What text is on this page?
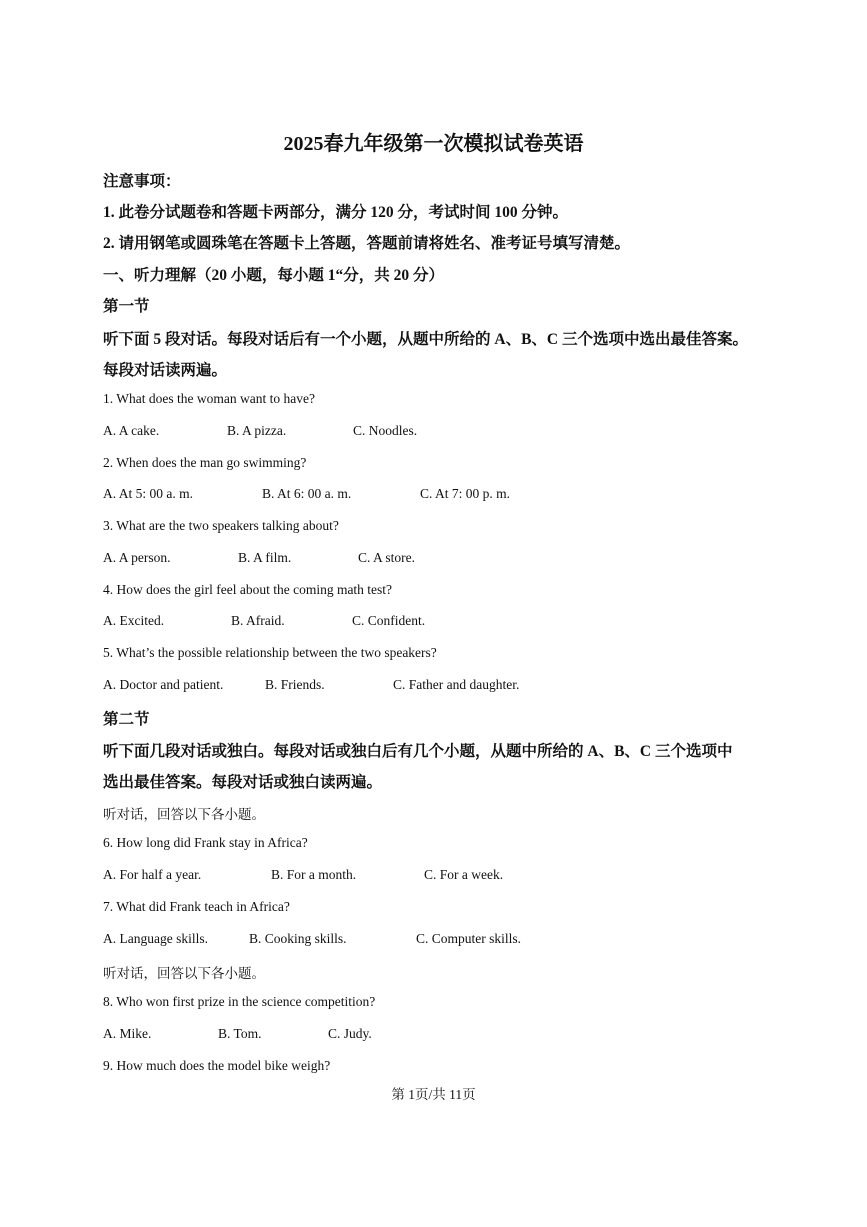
2025春九年级第一次模拟试卷英语
注意事项：
1. 此卷分试题卷和答题卡两部分，满分 120 分，考试时间 100 分钟。
2. 请用钢笔或圆珠笔在答题卡上答题，答题前请将姓名、准考证号填写清楚。
一、听力理解（20 小题，每小题 1“分，共 20 分）
第一节
听下面 5 段对话。每段对话后有一个小题，从题中所给的 A、B、C 三个选项中选出最佳答案。
每段对话读两遍。
1. What does the woman want to have?
A. A cake.	B. A pizza.	C. Noodles.
2. When does the man go swimming?
A. At 5: 00 a. m.	B. At 6: 00 a. m.	C. At 7: 00 p. m.
3. What are the two speakers talking about?
A. A person.	B. A film.	C. A store.
4. How does the girl feel about the coming math test?
A. Excited.	B. Afraid.	C. Confident.
5. What’s the possible relationship between the two speakers?
A. Doctor and patient.	B. Friends.	C. Father and daughter.
第二节
听下面几段对话或独白。每段对话或独白后有几个小题，从题中所给的 A、B、C 三个选项中
选出最佳答案。每段对话或独白读两遍。
听对话，回答以下各小题。
6. How long did Frank stay in Africa?
A. For half a year.	B. For a month.	C. For a week.
7. What did Frank teach in Africa?
A. Language skills.	B. Cooking skills.	C. Computer skills.
听对话，回答以下各小题。
8. Who won first prize in the science competition?
A. Mike.	B. Tom.	C. Judy.
9. How much does the model bike weigh?
第 1页/共 11页
